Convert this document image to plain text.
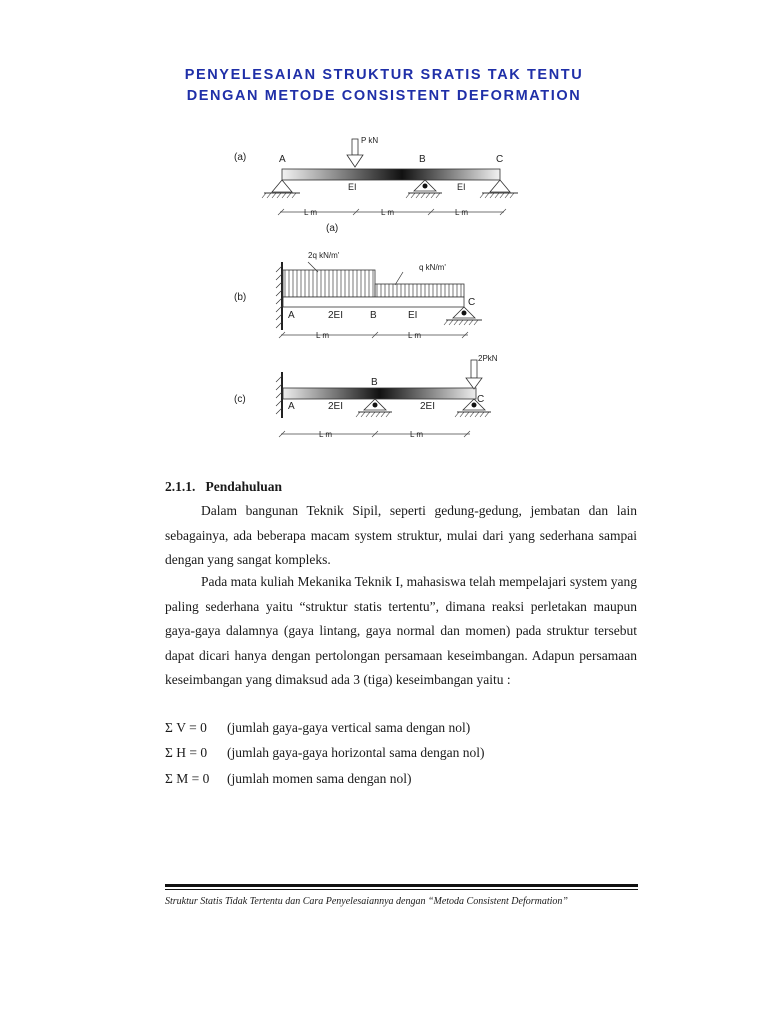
PENYELESAIAN STRUKTUR SRATIS TAK TENTU
DENGAN METODE CONSISTENT DEFORMATION
(a)	A	B	C
P kN
EI	EI
L m	L m	L m
(a)
(b)
2q kN/m'
q kN/m'
A	2EI	B	EI
C
L m	L m
(c)
B
A	2EI	2EI
2PkN
C
L m	L m
2.1.1.   Pendahuluan

Dalam bangunan Teknik Sipil, seperti gedung-gedung, jembatan dan lain sebagainya, ada beberapa macam system struktur, mulai dari yang sederhana sampai dengan yang sangat kompleks.

Pada mata kuliah Mekanika Teknik I, mahasiswa telah mempelajari system yang paling sederhana yaitu “struktur statis tertentu”, dimana reaksi perletakan maupun gaya-gaya dalamnya (gaya lintang, gaya normal dan momen) pada struktur tersebut dapat dicari hanya dengan pertolongan persamaan keseimbangan. Adapun persamaan keseimbangan yang dimaksud ada 3 (tiga) keseimbangan yaitu :

Σ V = 0 (jumlah gaya-gaya vertical sama dengan nol)
Σ H = 0 (jumlah gaya-gaya horizontal sama dengan nol)
Σ M = 0 (jumlah momen sama dengan nol)
Struktur Statis Tidak Tertentu dan Cara Penyelesaiannya dengan “Metoda Consistent Deformation”
